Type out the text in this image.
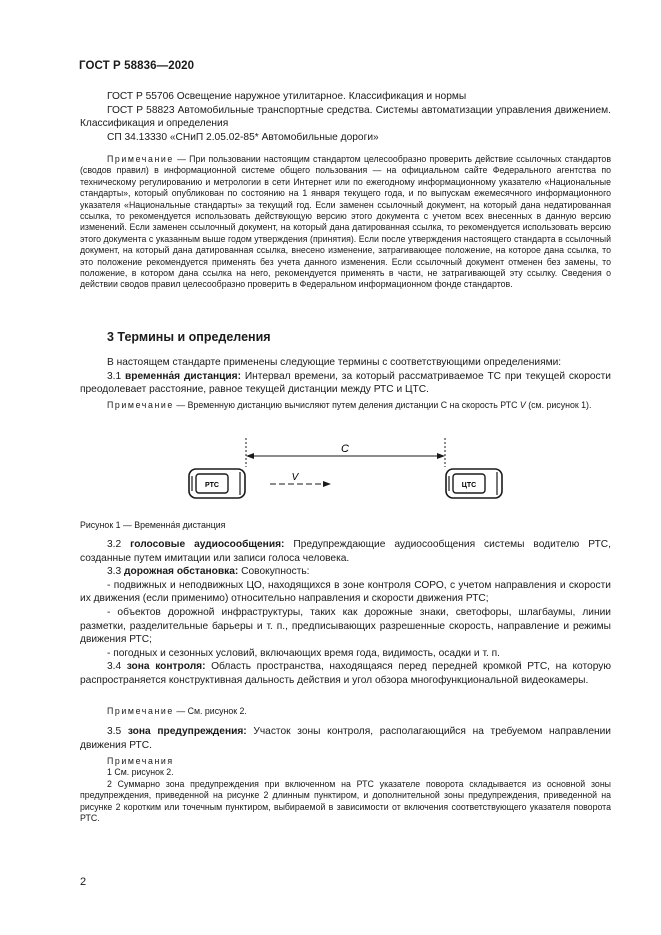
ГОСТ Р 58836—2020

ГОСТ Р 55706 Освещение наружное утилитарное. Классификация и нормы

ГОСТ Р 58823 Автомобильные транспортные средства. Системы автоматизации управления движением. Классификация и определения

СП 34.13330 «СНиП 2.05.02-85* Автомобильные дороги»

Примечание — При пользовании настоящим стандартом целесообразно проверить действие ссылочных стандартов (сводов правил) в информационной системе общего пользования — на официальном сайте Федерального агентства по техническому регулированию и метрологии в сети Интернет или по ежегодному информационному указателю «Национальные стандарты», который опубликован по состоянию на 1 января текущего года, и по выпускам ежемесячного информационного указателя «Национальные стандарты» за текущий год. Если заменен ссылочный документ, на который дана недатированная ссылка, то рекомендуется использовать действующую версию этого документа с учетом всех внесенных в данную версию изменений. Если заменен ссылочный документ, на который дана датированная ссылка, то рекомендуется использовать версию этого документа с указанным выше годом утверждения (принятия). Если после утверждения настоящего стандарта в ссылочный документ, на который дана датированная ссылка, внесено изменение, затрагивающее положение, на которое дана ссылка, то это положение рекомендуется применять без учета данного изменения. Если ссылочный документ отменен без замены, то положение, в котором дана ссылка на него, рекомендуется применять в части, не затрагивающей эту ссылку. Сведения о действии сводов правил целесообразно проверить в Федеральном информационном фонде стандартов.

3 Термины и определения

В настоящем стандарте применены следующие термины с соответствующими определениями:

3.1 временна́я дистанция: Интервал времени, за который рассматриваемое ТС при текущей скорости преодолевает расстояние, равное текущей дистанции между РТС и ЦТС.

Примечание — Временную дистанцию вычисляют путем деления дистанции С на скорость РТС V (см. рисунок 1).

РТС	ЦТС
C
V

Рисунок 1 — Временна́я дистанция

3.2 голосовые аудиосообщения: Предупреждающие аудиосообщения системы водителю РТС, созданные путем имитации или записи голоса человека.

3.3 дорожная обстановка: Совокупность:

- подвижных и неподвижных ЦО, находящихся в зоне контроля СОРО, с учетом направления и скорости их движения (если применимо) относительно направления и скорости движения РТС;

- объектов дорожной инфраструктуры, таких как дорожные знаки, светофоры, шлагбаумы, линии разметки, разделительные барьеры и т. п., предписывающих разрешенные скорость, направление и режимы движения РТС;

- погодных и сезонных условий, включающих время года, видимость, осадки и т. п.

3.4 зона контроля: Область пространства, находящаяся перед передней кромкой РТС, на которую распространяется конструктивная дальность действия и угол обзора многофункциональной видеокамеры.

Примечание — См. рисунок 2.

3.5 зона предупреждения: Участок зоны контроля, располагающийся на требуемом направлении движения РТС.

Примечания

1 См. рисунок 2.

2 Суммарно зона предупреждения при включенном на РТС указателе поворота складывается из основной зоны предупреждения, приведенной на рисунке 2 длинным пунктиром, и дополнительной зоны предупреждения, приведенной на рисунке 2 коротким или точечным пунктиром, выбираемой в зависимости от включения соответствующего указателя поворота РТС.

2
